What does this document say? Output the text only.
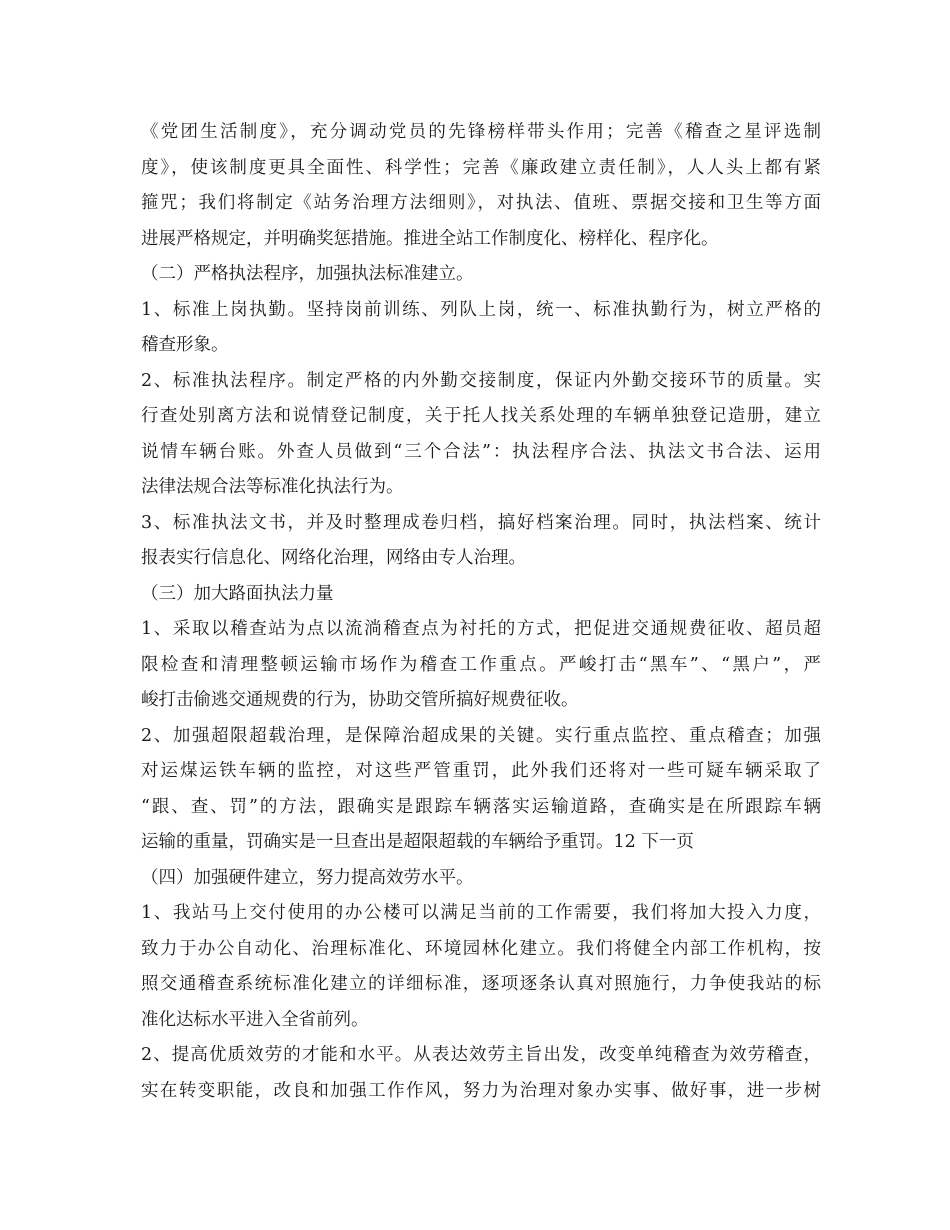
《党团生活制度》，充分调动党员的先锋榜样带头作用；完善《稽查之星评选制
度》，使该制度更具全面性、科学性；完善《廉政建立责任制》，人人头上都有紧
箍咒；我们将制定《站务治理方法细则》，对执法、值班、票据交接和卫生等方面
进展严格规定，并明确奖惩措施。推进全站工作制度化、榜样化、程序化。
（二）严格执法程序，加强执法标准建立。
1、标准上岗执勤。坚持岗前训练、列队上岗，统一、标准执勤行为，树立严格的
稽查形象。
2、标准执法程序。制定严格的内外勤交接制度，保证内外勤交接环节的质量。实
行查处别离方法和说情登记制度，关于托人找关系处理的车辆单独登记造册，建立
说情车辆台账。外查人员做到“三个合法”：执法程序合法、执法文书合法、运用
法律法规合法等标准化执法行为。
3、标准执法文书，并及时整理成卷归档，搞好档案治理。同时，执法档案、统计
报表实行信息化、网络化治理，网络由专人治理。
（三）加大路面执法力量
1、采取以稽查站为点以流淌稽查点为衬托的方式，把促进交通规费征收、超员超
限检查和清理整顿运输市场作为稽查工作重点。严峻打击“黑车”、“黑户”，严
峻打击偷逃交通规费的行为，协助交管所搞好规费征收。
2、加强超限超载治理，是保障治超成果的关键。实行重点监控、重点稽查；加强
对运煤运铁车辆的监控，对这些严管重罚，此外我们还将对一些可疑车辆采取了
“跟、查、罚”的方法，跟确实是跟踪车辆落实运输道路，查确实是在所跟踪车辆
运输的重量，罚确实是一旦查出是超限超载的车辆给予重罚。12 下一页
（四）加强硬件建立，努力提高效劳水平。
1、我站马上交付使用的办公楼可以满足当前的工作需要，我们将加大投入力度，
致力于办公自动化、治理标准化、环境园林化建立。我们将健全内部工作机构，按
照交通稽查系统标准化建立的详细标准，逐项逐条认真对照施行，力争使我站的标
准化达标水平进入全省前列。
2、提高优质效劳的才能和水平。从表达效劳主旨出发，改变单纯稽查为效劳稽查，
实在转变职能，改良和加强工作作风，努力为治理对象办实事、做好事，进一步树
